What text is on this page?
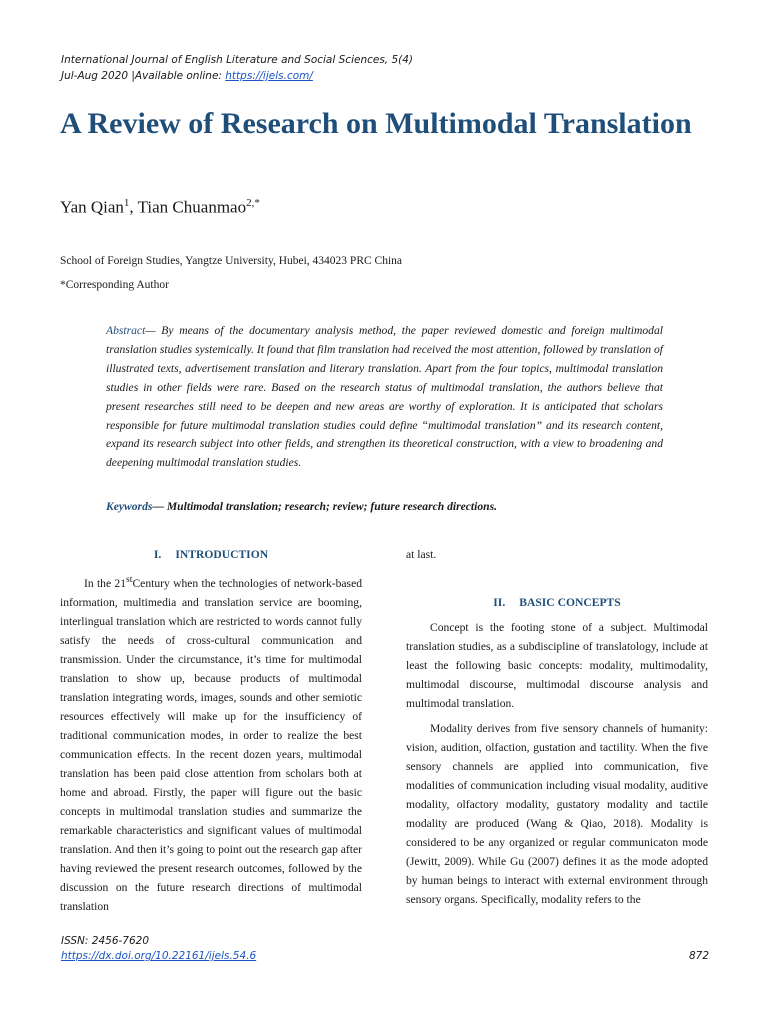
International Journal of English Literature and Social Sciences, 5(4)
Jul-Aug 2020 |Available online: https://ijels.com/
A Review of Research on Multimodal Translation
Yan Qian$^1$, Tian Chuanmao$^{2,*}$
School of Foreign Studies, Yangtze University, Hubei, 434023 PRC China
*Corresponding Author
Abstract— By means of the documentary analysis method, the paper reviewed domestic and foreign multimodal translation studies systemically. It found that film translation had received the most attention, followed by translation of illustrated texts, advertisement translation and literary translation. Apart from the four topics, multimodal translation studies in other fields were rare. Based on the research status of multimodal translation, the authors believe that present researches still need to be deepen and new areas are worthy of exploration. It is anticipated that scholars responsible for future multimodal translation studies could define “multimodal translation” and its research content, expand its research subject into other fields, and strengthen its theoretical construction, with a view to broadening and deepening multimodal translation studies.
Keywords— Multimodal translation; research; review; future research directions.
I. INTRODUCTION

In the 21stCentury when the technologies of network-based information, multimedia and translation service are booming, interlingual translation which are restricted to words cannot fully satisfy the needs of cross-cultural communication and transmission. Under the circumstance, it’s time for multimodal translation to show up, because products of multimodal translation integrating words, images, sounds and other semiotic resources effectively will make up for the insufficiency of traditional communication modes, in order to realize the best communication effects. In the recent dozen years, multimodal translation has been paid close attention from scholars both at home and abroad. Firstly, the paper will figure out the basic concepts in multimodal translation studies and summarize the remarkable characteristics and significant values of multimodal translation. And then it’s going to point out the research gap after having reviewed the present research outcomes, followed by the discussion on the future research directions of multimodal translation

at last.

II. BASIC CONCEPTS

Concept is the footing stone of a subject. Multimodal translation studies, as a subdiscipline of translatology, include at least the following basic concepts: modality, multimodality, multimodal discourse, multimodal discourse analysis and multimodal translation.

Modality derives from five sensory channels of humanity: vision, audition, olfaction, gustation and tactility. When the five sensory channels are applied into communication, five modalities of communication including visual modality, auditive modality, olfactory modality, gustatory modality and tactile modality are produced (Wang & Qiao, 2018). Modality is considered to be any organized or regular communicaton mode (Jewitt, 2009). While Gu (2007) defines it as the mode adopted by human beings to interact with external environment through sensory organs. Specifically, modality refers to the

ISSN: 2456-7620
https://dx.doi.org/10.22161/ijels.54.6	872
